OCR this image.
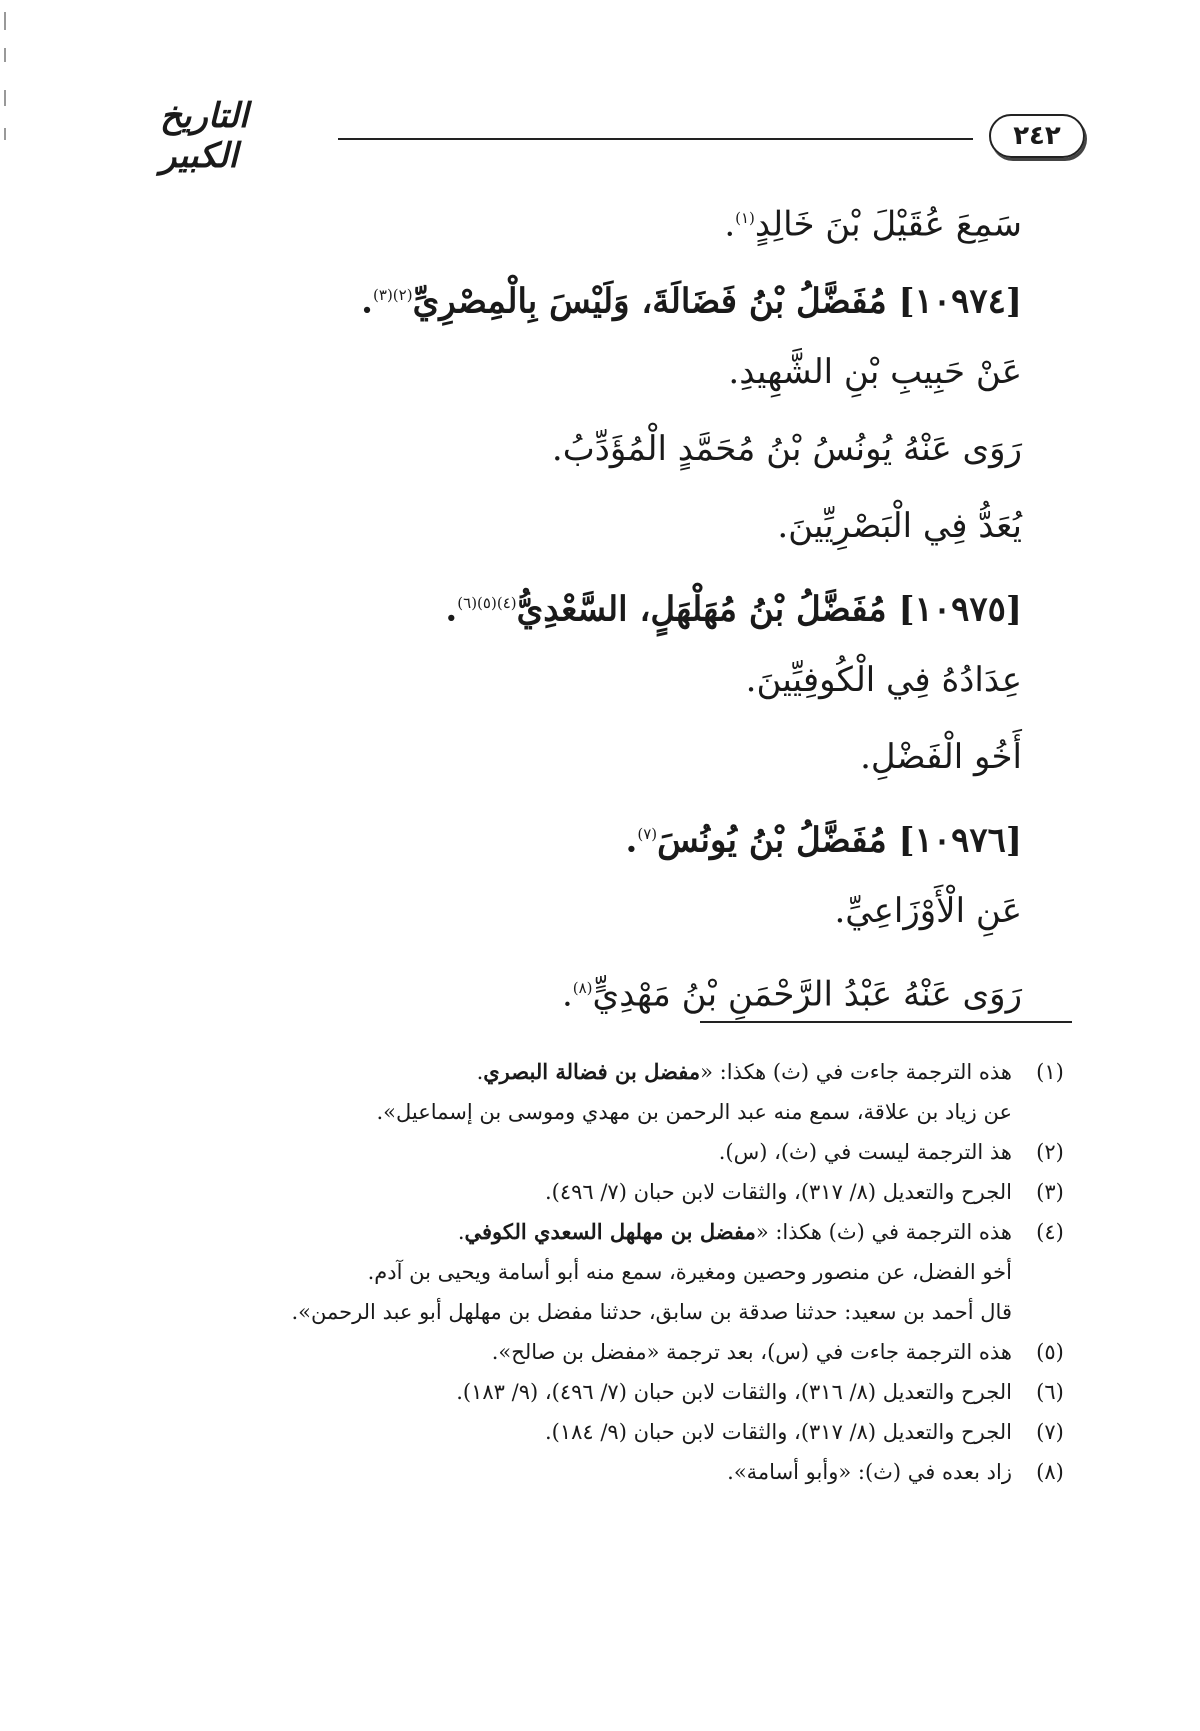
٢٤٢
التاريخ الكبير
سَمِعَ عُقَيْلَ بْنَ خَالِدٍ$^{(١)}$.
[١٠٩٧٤] مُفَضَّلُ بْنُ فَضَالَةَ، وَلَيْسَ بِالْمِصْرِيِّ$^{(٢)(٣)}$.
عَنْ حَبِيبِ بْنِ الشَّهِيدِ.
رَوَى عَنْهُ يُونُسُ بْنُ مُحَمَّدٍ الْمُؤَدِّبُ.
يُعَدُّ فِي الْبَصْرِيِّينَ.
[١٠٩٧٥] مُفَضَّلُ بْنُ مُهَلْهَلٍ، السَّعْدِيُّ$^{(٤)(٥)(٦)}$.
عِدَادُهُ فِي الْكُوفِيِّينَ.
أَخُو الْفَضْلِ.
[١٠٩٧٦] مُفَضَّلُ بْنُ يُونُسَ$^{(٧)}$.
عَنِ الْأَوْزَاعِيِّ.
رَوَى عَنْهُ عَبْدُ الرَّحْمَنِ بْنُ مَهْدِيٍّ$^{(٨)}$.
(١)
هذه الترجمة جاءت في (ث) هكذا: «مفضل بن فضالة البصري.
عن زياد بن علاقة، سمع منه عبد الرحمن بن مهدي وموسى بن إسماعيل».
(٢)
هذ الترجمة ليست في (ث)، (س).
(٣)
الجرح والتعديل (٨/ ٣١٧)، والثقات لابن حبان (٧/ ٤٩٦).
(٤)
هذه الترجمة في (ث) هكذا: «مفضل بن مهلهل السعدي الكوفي.
أخو الفضل، عن منصور وحصين ومغيرة، سمع منه أبو أسامة ويحيى بن آدم.
قال أحمد بن سعيد: حدثنا صدقة بن سابق، حدثنا مفضل بن مهلهل أبو عبد الرحمن».
(٥)
هذه الترجمة جاءت في (س)، بعد ترجمة «مفضل بن صالح».
(٦)
الجرح والتعديل (٨/ ٣١٦)، والثقات لابن حبان (٧/ ٤٩٦)، (٩/ ١٨٣).
(٧)
الجرح والتعديل (٨/ ٣١٧)، والثقات لابن حبان (٩/ ١٨٤).
(٨)
زاد بعده في (ث): «وأبو أسامة».
